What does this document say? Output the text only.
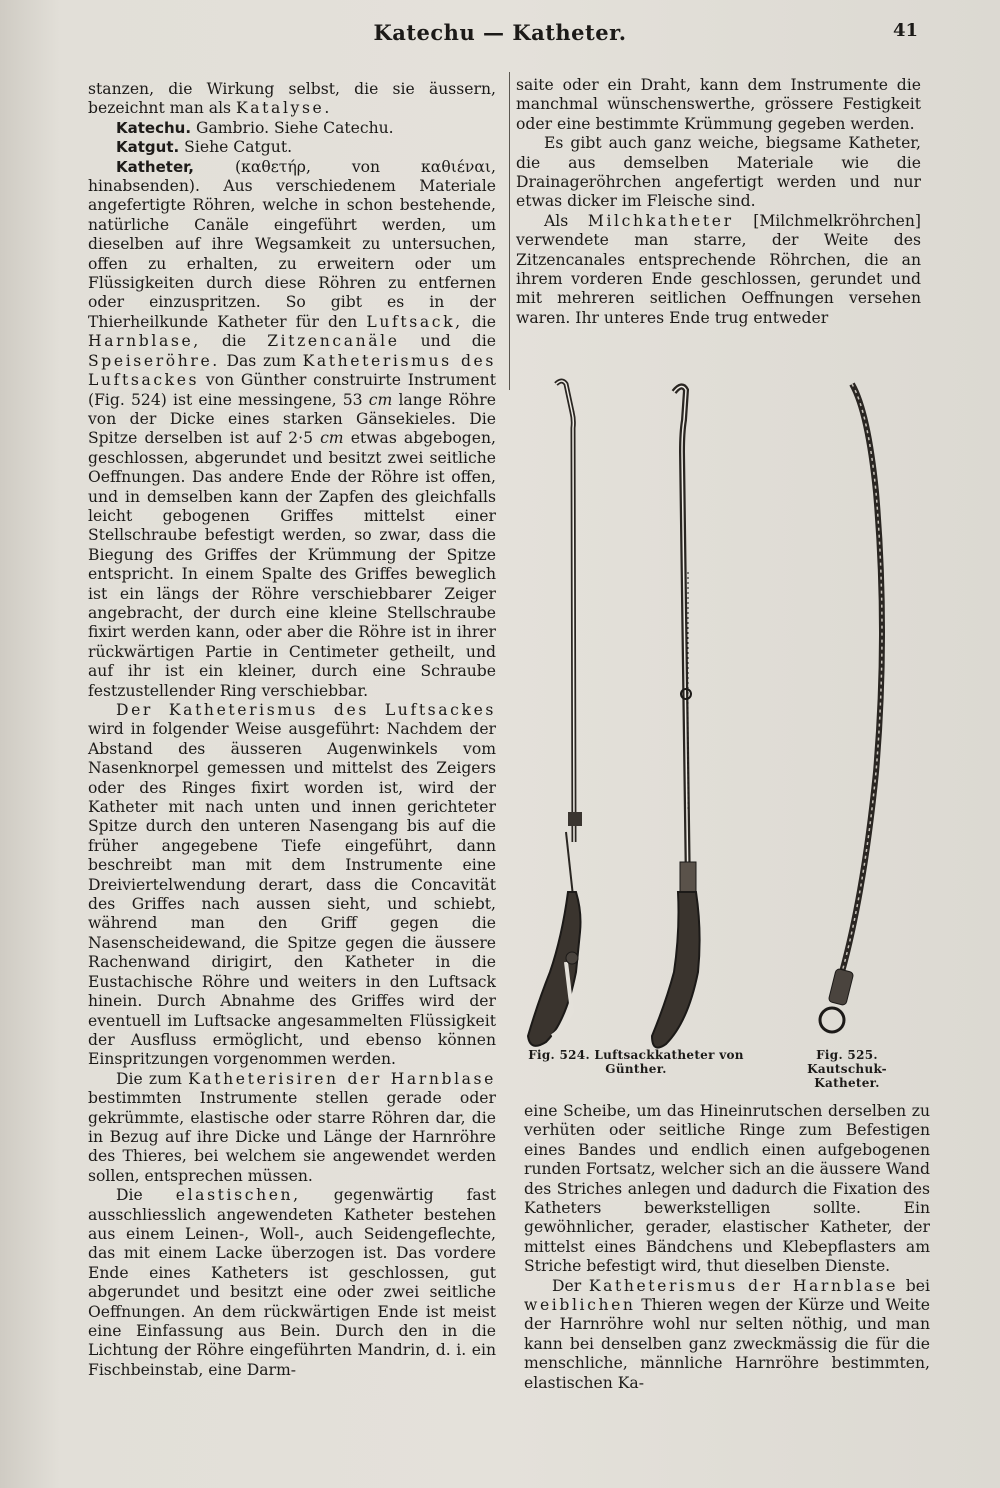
Katechu — Katheter.	41

stanzen, die Wirkung selbst, die sie äussern, bezeichnt man als Katalyse.

Katechu. Gambrio. Siehe Catechu.

Katgut. Siehe Catgut.

Katheter,	(καθετήρ, von καθιέναι, hinabsenden). Aus verschiedenem Materiale angefertigte Röhren, welche in schon bestehende, natürliche Canäle eingeführt werden, um dieselben auf ihre Wegsamkeit zu untersuchen, offen zu erhalten, zu erweitern oder um Flüssigkeiten durch diese Röhren zu entfernen oder einzuspritzen. So gibt es in der Thierheilkunde Katheter für den Luftsack, die Harnblase, die Zitzencanäle und die Speiseröhre. Das zum Katheterismus des Luftsackes von Günther construirte Instrument (Fig. 524) ist eine messingene, 53 cm lange Röhre von der Dicke eines starken Gänsekieles. Die Spitze derselben ist auf 2·5 cm etwas abgebogen, geschlossen, abgerundet und besitzt zwei seitliche Oeffnungen. Das andere Ende der Röhre ist offen, und in demselben kann der Zapfen des gleichfalls leicht gebogenen Griffes mittelst einer Stellschraube befestigt werden, so zwar, dass die Biegung des Griffes der Krümmung der Spitze entspricht. In einem Spalte des Griffes beweglich ist ein längs der Röhre verschiebbarer Zeiger angebracht, der durch eine kleine Stellschraube fixirt werden kann, oder aber die Röhre ist in ihrer rückwärtigen Partie in Centimeter getheilt, und auf ihr ist ein kleiner, durch eine Schraube festzustellender Ring verschiebbar.

Der Katheterismus des Luftsackes wird in folgender Weise ausgeführt: Nachdem der Abstand des äusseren Augenwinkels vom Nasenknorpel gemessen und mittelst des Zeigers oder des Ringes fixirt worden ist, wird der Katheter mit nach unten und innen gerichteter Spitze durch den unteren Nasengang bis auf die früher angegebene Tiefe eingeführt, dann beschreibt man mit dem Instrumente eine Dreiviertelwendung derart, dass die Concavität des Griffes nach aussen sieht, und schiebt, während man den Griff gegen die Nasenscheidewand, die Spitze gegen die äussere Rachenwand dirigirt, den Katheter in die Eustachische Röhre und weiters in den Luftsack hinein. Durch Abnahme des Griffes wird der eventuell im Luftsacke angesammelten Flüssigkeit der Ausfluss ermöglicht, und ebenso können Einspritzungen vorgenommen werden.

Die zum Katheterisiren der Harnblase bestimmten Instrumente stellen gerade oder gekrümmte, elastische oder starre Röhren dar, die in Bezug auf ihre Dicke und Länge der Harnröhre des Thieres, bei welchem sie angewendet werden sollen, entsprechen müssen.

Die elastischen, gegenwärtig fast ausschliesslich angewendeten Katheter bestehen aus einem Leinen-, Woll-, auch Seidengeflechte, das mit einem Lacke überzogen ist. Das vordere Ende eines Katheters ist geschlossen, gut abgerundet und besitzt eine oder zwei seitliche Oeffnungen. An dem rückwärtigen Ende ist meist eine Einfassung aus Bein. Durch den in die Lichtung der Röhre eingeführten Mandrin, d. i. ein Fischbeinstab, eine Darm-

saite oder ein Draht, kann dem Instrumente die manchmal wünschenswerthe, grössere Festigkeit oder eine bestimmte Krümmung gegeben werden.

Es gibt auch ganz weiche, biegsame Katheter, die aus demselben Materiale wie die Drainageröhrchen angefertigt werden und nur etwas dicker im Fleische sind.

Als Milchkatheter [Milchmelkröhrchen] verwendete man starre, der Weite des Zitzencanales entsprechende Röhrchen, die an ihrem vorderen Ende geschlossen, gerundet und mit mehreren seitlichen Oeffnungen versehen waren. Ihr unteres Ende trug entweder

Fig. 524. Luftsackkatheter von Günther.
Fig. 525. Kautschuk-Katheter.

eine Scheibe, um das Hineinrutschen derselben zu verhüten oder seitliche Ringe zum Befestigen eines Bandes und endlich einen aufgebogenen runden Fortsatz, welcher sich an die äussere Wand des Striches anlegen und dadurch die Fixation des Katheters bewerkstelligen sollte. Ein gewöhnlicher, gerader, elastischer Katheter, der mittelst eines Bändchens und Klebepflasters am Striche befestigt wird, thut dieselben Dienste.

Der Katheterismus der Harnblase bei weiblichen Thieren wegen der Kürze und Weite der Harnröhre wohl nur selten nöthig, und man kann bei denselben ganz zweckmässig die für die menschliche, männliche Harnröhre bestimmten, elastischen Ka-
